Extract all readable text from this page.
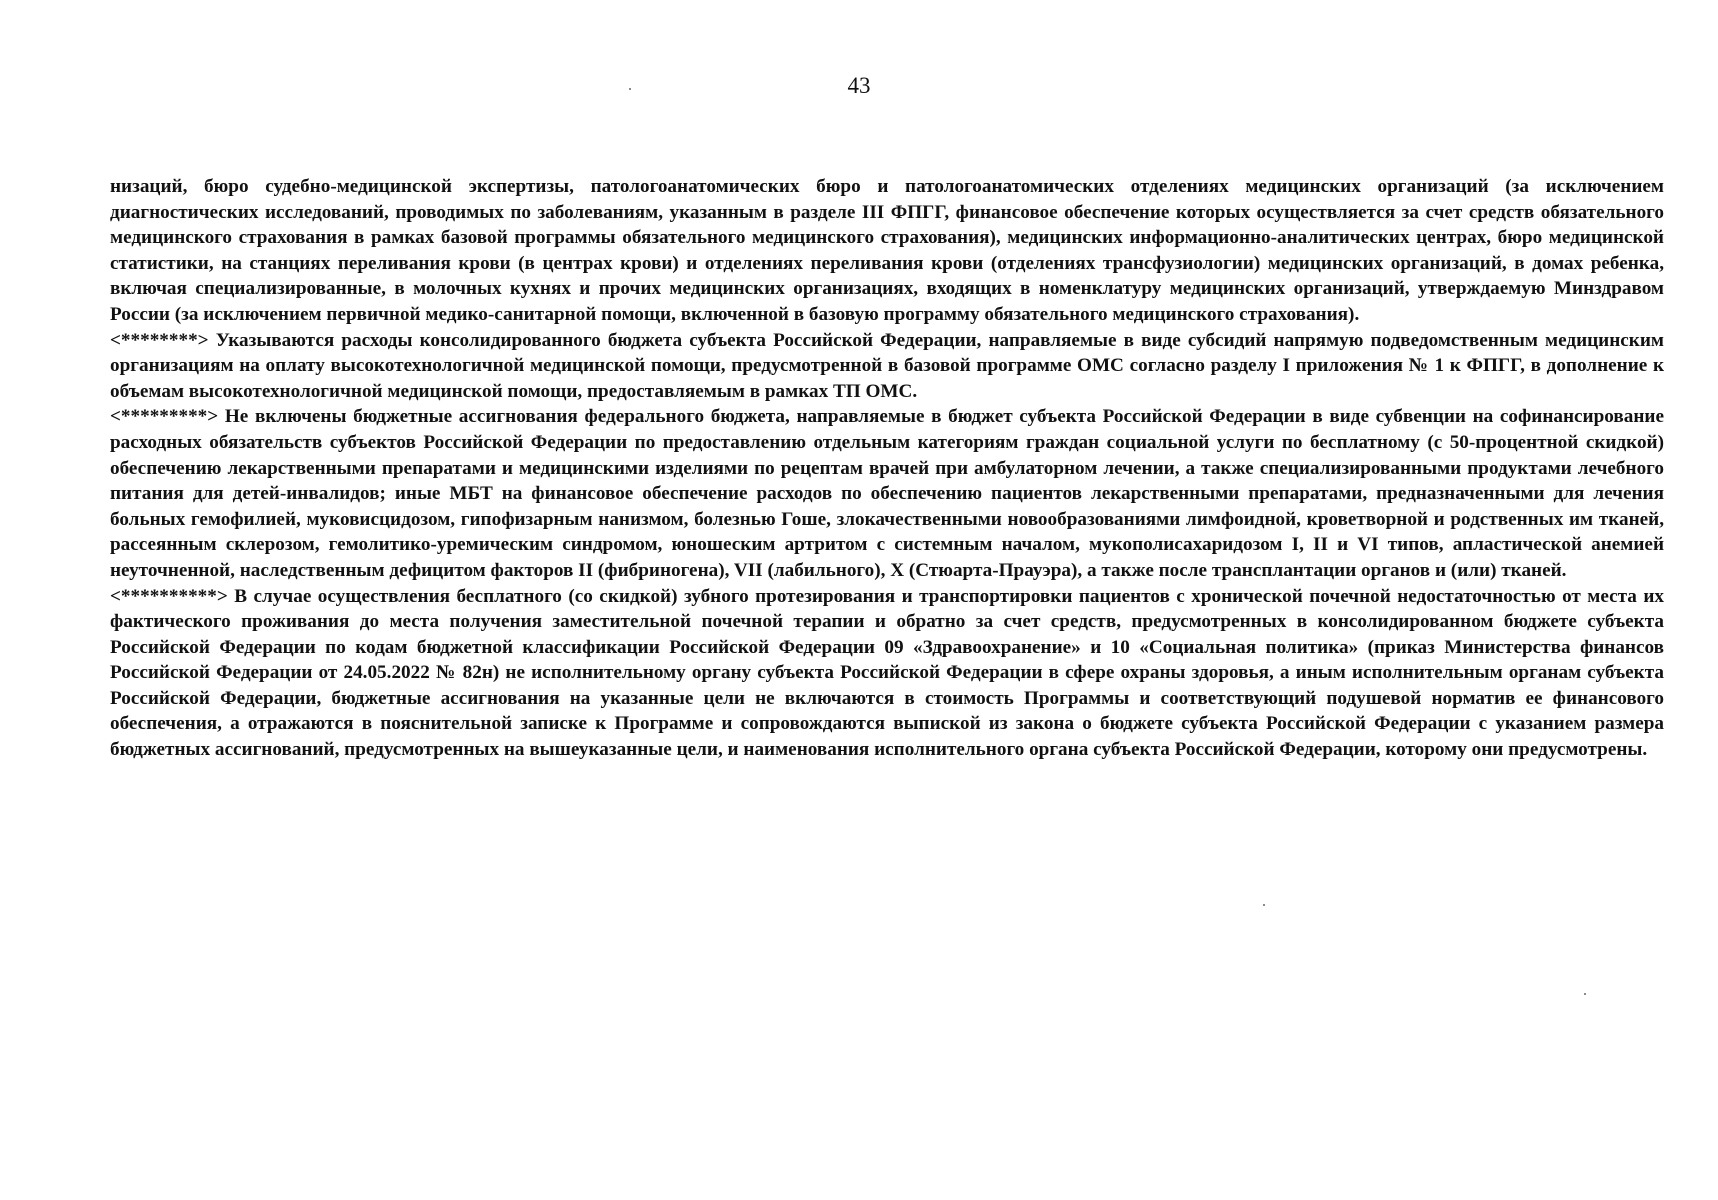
43

низаций, бюро судебно-медицинской экспертизы, патологоанатомических бюро и патологоанатомических отделениях медицинских организаций (за исключением диагностических исследований, проводимых по заболеваниям, указанным в разделе III ФПГГ, финансовое обеспечение которых осуществляется за счет средств обязательного медицинского страхования в рамках базовой программы обязательного медицинского страхования), медицинских информационно-аналитических центрах, бюро медицинской статистики, на станциях переливания крови (в центрах крови) и отделениях переливания крови (отделениях трансфузиологии) медицинских организаций, в домах ребенка, включая специализированные, в молочных кухнях и прочих медицинских организациях, входящих в номенклатуру медицинских организаций, утверждаемую Минздравом России (за исключением первичной медико-санитарной помощи, включенной в базовую программу обязательного медицинского страхования).

<********> Указываются расходы консолидированного бюджета субъекта Российской Федерации, направляемые в виде субсидий напрямую подведомственным медицинским организациям на оплату высокотехнологичной медицинской помощи, предусмотренной в базовой программе ОМС согласно разделу I приложения № 1 к ФПГГ, в дополнение к объемам высокотехнологичной медицинской помощи, предоставляемым в рамках ТП ОМС.

<*********> Не включены бюджетные ассигнования федерального бюджета, направляемые в бюджет субъекта Российской Федерации в виде субвенции на софинансирование расходных обязательств субъектов Российской Федерации по предоставлению отдельным категориям граждан социальной услуги по бесплатному (с 50-процентной скидкой) обеспечению лекарственными препаратами и медицинскими изделиями по рецептам врачей при амбулаторном лечении, а также специализированными продуктами лечебного питания для детей-инвалидов; иные МБТ на финансовое обеспечение расходов по обеспечению пациентов лекарственными препаратами, предназначенными для лечения больных гемофилией, муковисцидозом, гипофизарным нанизмом, болезнью Гоше, злокачественными новообразованиями лимфоидной, кроветворной и родственных им тканей, рассеянным склерозом, гемолитико-уремическим синдромом, юношеским артритом с системным началом, мукополисахаридозом I, II и VI типов, апластической анемией неуточненной, наследственным дефицитом факторов II (фибриногена), VII (лабильного), X (Стюарта-Прауэра), а также после трансплантации органов и (или) тканей.

<**********> В случае осуществления бесплатного (со скидкой) зубного протезирования и транспортировки пациентов с хронической почечной недостаточностью от места их фактического проживания до места получения заместительной почечной терапии и обратно за счет средств, предусмотренных в консолидированном бюджете субъекта Российской Федерации по кодам бюджетной классификации Российской Федерации 09 «Здравоохранение» и 10 «Социальная политика» (приказ Министерства финансов Российской Федерации от 24.05.2022 № 82н) не исполнительному органу субъекта Российской Федерации в сфере охраны здоровья, а иным исполнительным органам субъекта Российской Федерации, бюджетные ассигнования на указанные цели не включаются в стоимость Программы и соответствующий подушевой норматив ее финансового обеспечения, а отражаются в пояснительной записке к Программе и сопровождаются выпиской из закона о бюджете субъекта Российской Федерации с указанием размера бюджетных ассигнований, предусмотренных на вышеуказанные цели, и наименования исполнительного органа субъекта Российской Федерации, которому они предусмотрены.
